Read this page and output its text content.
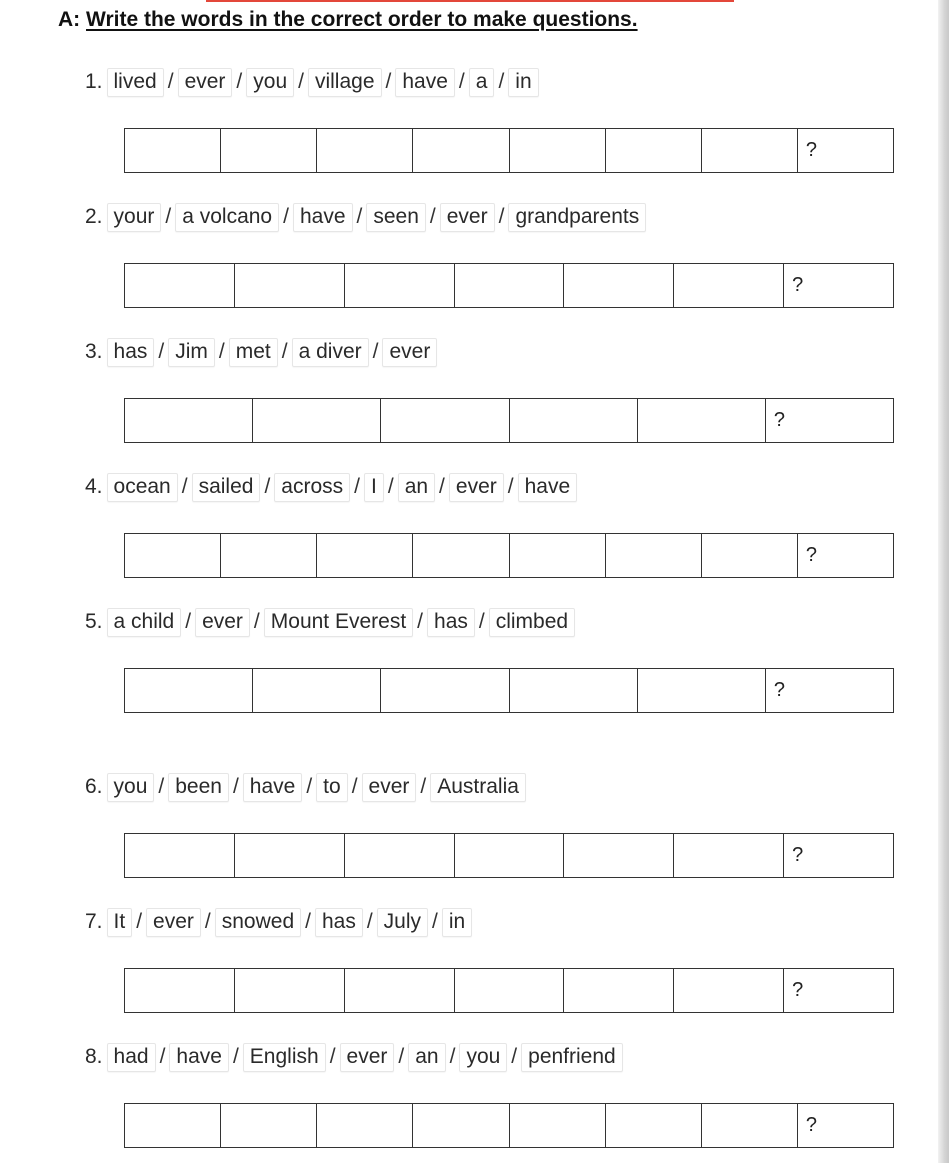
A: Write the words in the correct order to make questions.
1. lived / ever / you / village / have / a / in
?
2. your / a volcano / have / seen / ever / grandparents
?
3. has / Jim / met / a diver / ever
?
4. ocean / sailed / across / I / an / ever / have
?
5. a child / ever / Mount Everest / has / climbed
?
6. you / been / have / to / ever / Australia
?
7. It / ever / snowed / has / July / in
?
8. had / have / English / ever / an / you / penfriend
?
